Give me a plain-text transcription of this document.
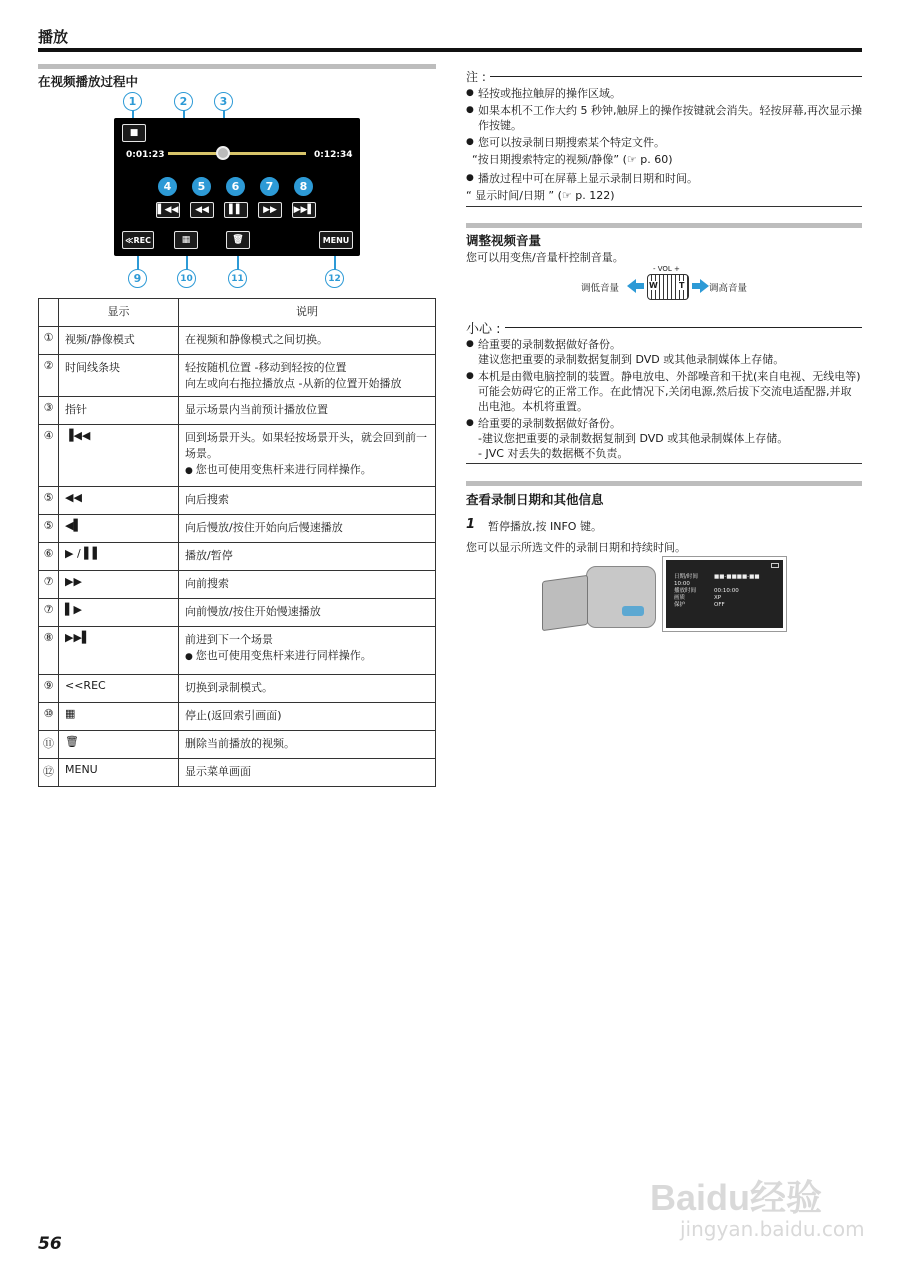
播放
在视频播放过程中
■
0:01:23	0:12:34
▌◀◀ ◀◀ ▌▌ ▶▶ ▶▶▌
≪REC	▦	🗑	MENU
1	2	3
4	5	6	7	8
9	10	11	12
	显示	说明
①	视频/静像模式	在视频和静像模式之间切换。
②	时间线条块	轻按随机位置 -移动到轻按的位置
向左或向右拖拉播放点 -从新的位置开始播放

③	指针	显示场景内当前预计播放位置
④	▐◀◀	回到场景开头。如果轻按场景开头，就会回到前一场景。
● 您也可使用变焦杆来进行同样操作。

⑤	◀◀	向后搜索
⑤	◀▌	向后慢放/按住开始向后慢速播放
⑥	▶ / ▌▌	播放/暂停
⑦	▶▶	向前搜索
⑦	▌▶	向前慢放/按住开始慢速播放
⑧	▶▶▌	前进到下一个场景
● 您也可使用变焦杆来进行同样操作。

⑨	<<REC	切换到录制模式。
⑩	▦	停止(返回索引画面)
⑪	🗑	删除当前播放的视频。
⑫	MENU	显示菜单画面
注 :
● 轻按或拖拉触屏的操作区域。
● 如果本机不工作大约 5 秒钟,触屏上的操作按键就会消失。轻按屏幕,再次显示操作按键。
● 您可以按录制日期搜索某个特定文件。
“按日期搜索特定的视频/静像” (☞ p. 60)
● 播放过程中可在屏幕上显示录制日期和时间。
“ 显示时间/日期 ” (☞ p. 122)
调整视频音量
您可以用变焦/音量杆控制音量。
调低音量
- VOL +
W	T	调高音量
小心 :
● 给重要的录制数据做好备份。
建议您把重要的录制数据复制到 DVD 或其他录制媒体上存储。
● 本机是由微电脑控制的装置。静电放电、外部噪音和干扰(来自电视、无线电等)可能会妨碍它的正常工作。在此情况下,关闭电源,然后拔下交流电适配器,并取出电池。本机将重置。
● 给重要的录制数据做好备份。
-建议您把重要的录制数据复制到 DVD 或其他录制媒体上存储。
- JVC 对丢失的数据概不负责。
查看录制日期和其他信息
1 暂停播放,按 INFO 键。
您可以显示所选文件的录制日期和持续时间。
日期/时间	■■-■■■■-■■ 10:00
播放时间	00:10:00
画质	XP
保护	OFF
56
Baidu经验
jingyan.baidu.com
